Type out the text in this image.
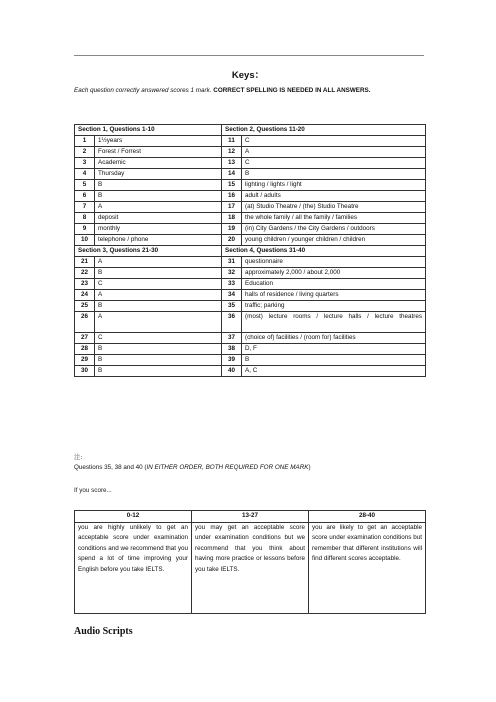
Keys：
Each question correctly answered scores 1 mark. CORRECT SPELLING IS NEEDED IN ALL ANSWERS.
Section 1, Questions 1-10		Section 2, Questions 11-20	
1	1½years	11	C
2	Forest / Forrest	12	A
3	Academic	13	C
4	Thursday	14	B
5	B	15	lighting / lights / light
6	B	16	adult / adults
7	A	17	(at) Studio Theatre / (the) Studio Theatre
8	deposit	18	the whole family / all the family / families
9	monthly	19	(in) City Gardens / the City Gardens / outdoors
10	telephone / phone	20	young children / younger children / children
Section 3, Questions 21-30		Section 4, Questions 31-40	
21	A	31	questionnaire
22	B	32	approximately 2,000 / about 2,000
23	C	33	Education
24	A	34	halls of residence / living quarters
25	B	35	traffic; parking
26	A	36	(most) lecture rooms / lecture halls / lecture theatres
27	C	37	(choice of) facilities / (room for) facilities
28	B	38	D, F
29	B	39	B
30	B	40	A, C
注:
Questions 35, 38 and 40 (IN EITHER ORDER, BOTH REQUIRED FOR ONE MARK)
If you score...
0-12	13-27	28-40
you are highly unlikely to get an acceptable score under examination conditions and we recommend that you spend a lot of time improving your English before you take IELTS.	you may get an acceptable score under examination conditions but we recommend that you think about having more practice or lessons before you take IELTS.	you are likely to get an acceptable score under examination conditions but remember that different institutions will find different scores acceptable.
Audio Scripts
